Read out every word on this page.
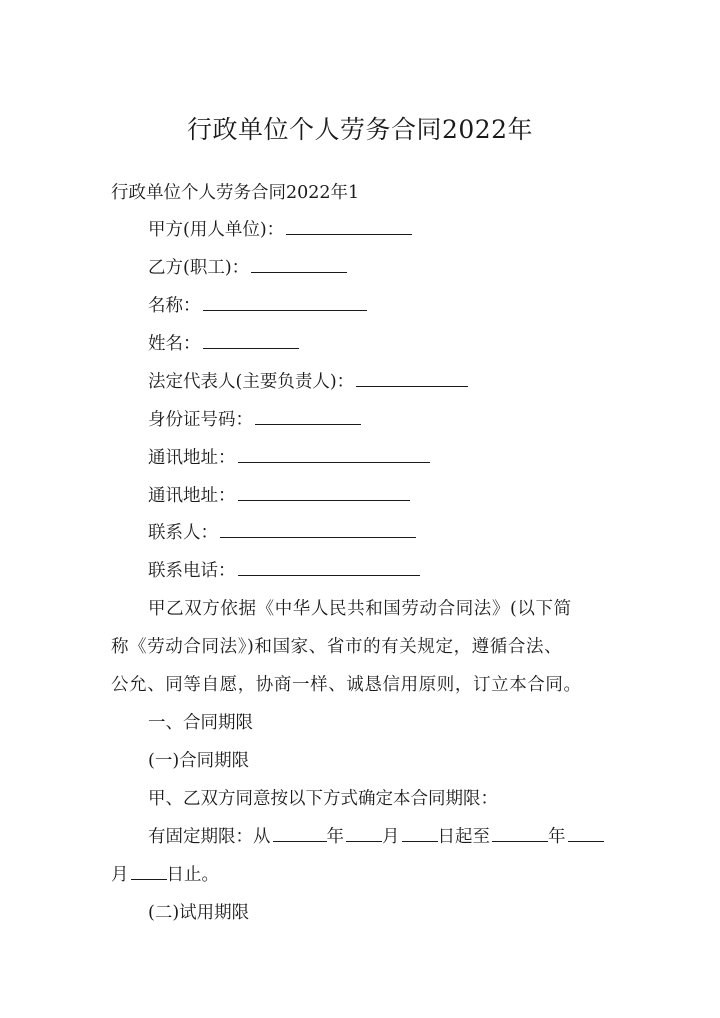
行政单位个人劳务合同2022年
行政单位个人劳务合同2022年1
甲方(用人单位)：
乙方(职工)：
名称：
姓名：
法定代表人(主要负责人)：
身份证号码：
通讯地址：
通讯地址：
联系人：
联系电话：
甲乙双方依据《中华人民共和国劳动合同法》(以下简
称《劳动合同法》)和国家、省市的有关规定，遵循合法、
公允、同等自愿，协商一样、诚恳信用原则，订立本合同。
一、合同期限
(一)合同期限
甲、乙双方同意按以下方式确定本合同期限：
有固定期限：从	年 月 日起至	年
月 日止。
(二)试用期限
